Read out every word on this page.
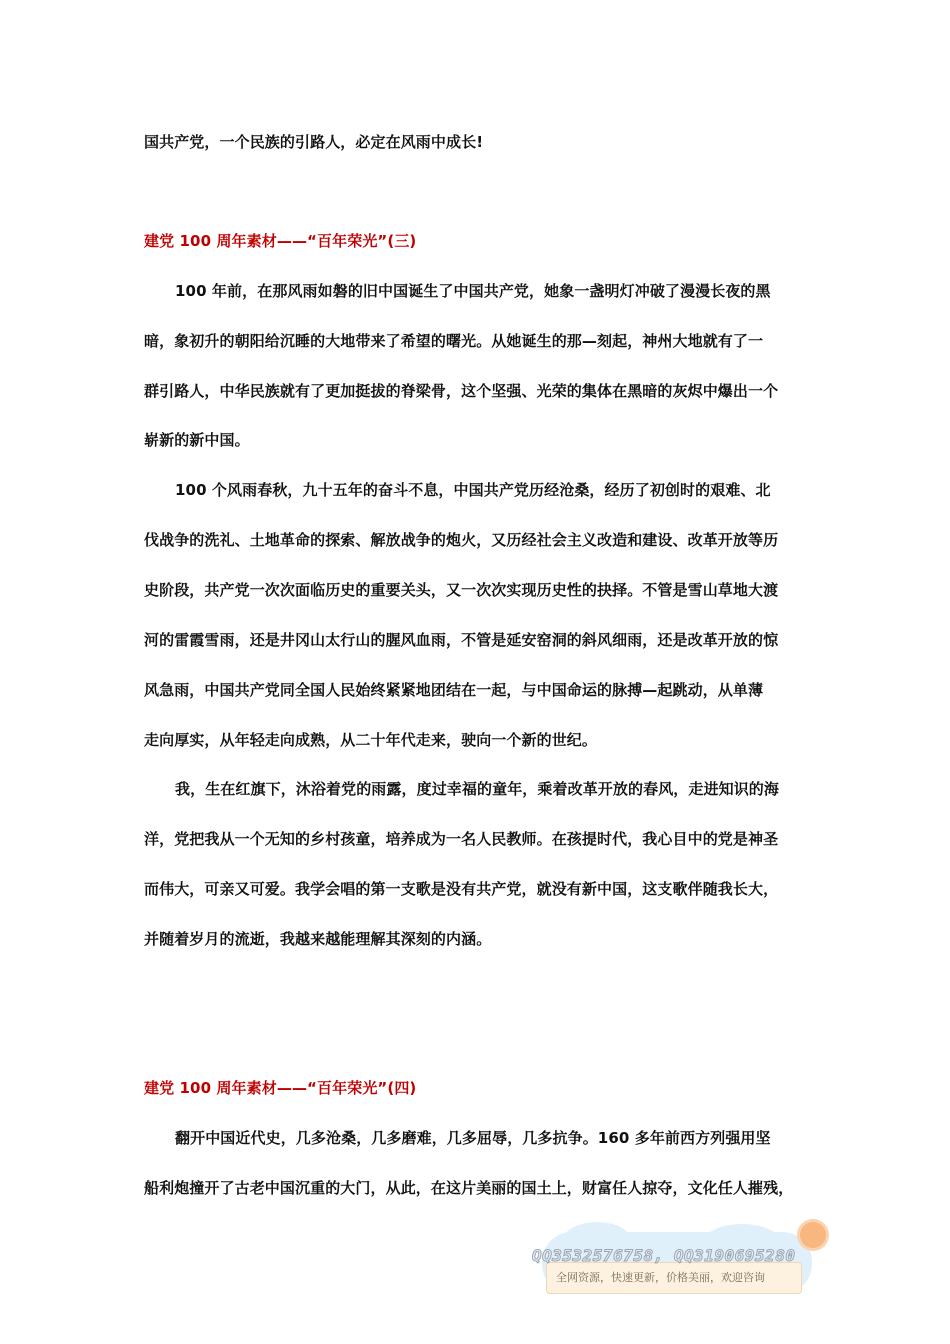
国共产党，一个民族的引路人，必定在风雨中成长!
建党 100 周年素材——“百年荣光”(三)
100 年前，在那风雨如磐的旧中国诞生了中国共产党，她象一盏明灯冲破了漫漫长夜的黑
暗，象初升的朝阳给沉睡的大地带来了希望的曙光。从她诞生的那—刻起，神州大地就有了一
群引路人，中华民族就有了更加挺拔的脊梁骨，这个坚强、光荣的集体在黑暗的灰烬中爆出一个
崭新的新中国。
100 个风雨春秋，九十五年的奋斗不息，中国共产党历经沧桑，经历了初创时的艰难、北
伐战争的洗礼、土地革命的探索、解放战争的炮火，又历经社会主义改造和建设、改革开放等历
史阶段，共产党一次次面临历史的重要关头，又一次次实现历史性的抉择。不管是雪山草地大渡
河的雷霞雪雨，还是井冈山太行山的腥风血雨，不管是延安窑洞的斜风细雨，还是改革开放的惊
风急雨，中国共产党同全国人民始终紧紧地团结在一起，与中国命运的脉搏—起跳动，从单薄
走向厚实，从年轻走向成熟，从二十年代走来，驶向一个新的世纪。
我，生在红旗下，沐浴着党的雨露，度过幸福的童年，乘着改革开放的春风，走进知识的海
洋，党把我从一个无知的乡村孩童，培养成为一名人民教师。在孩提时代，我心目中的党是神圣
而伟大，可亲又可爱。我学会唱的第一支歌是没有共产党，就没有新中国，这支歌伴随我长大，
并随着岁月的流逝，我越来越能理解其深刻的内涵。
建党 100 周年素材——“百年荣光”(四)
翻开中国近代史，几多沧桑，几多磨难，几多屈辱，几多抗争。160 多年前西方列强用坚
船利炮撞开了古老中国沉重的大门，从此，在这片美丽的国土上，财富任人掠夺，文化任人摧残，
QQ3532576758, QQ3190695280
全网资源，快速更新，价格美丽，欢迎咨询
